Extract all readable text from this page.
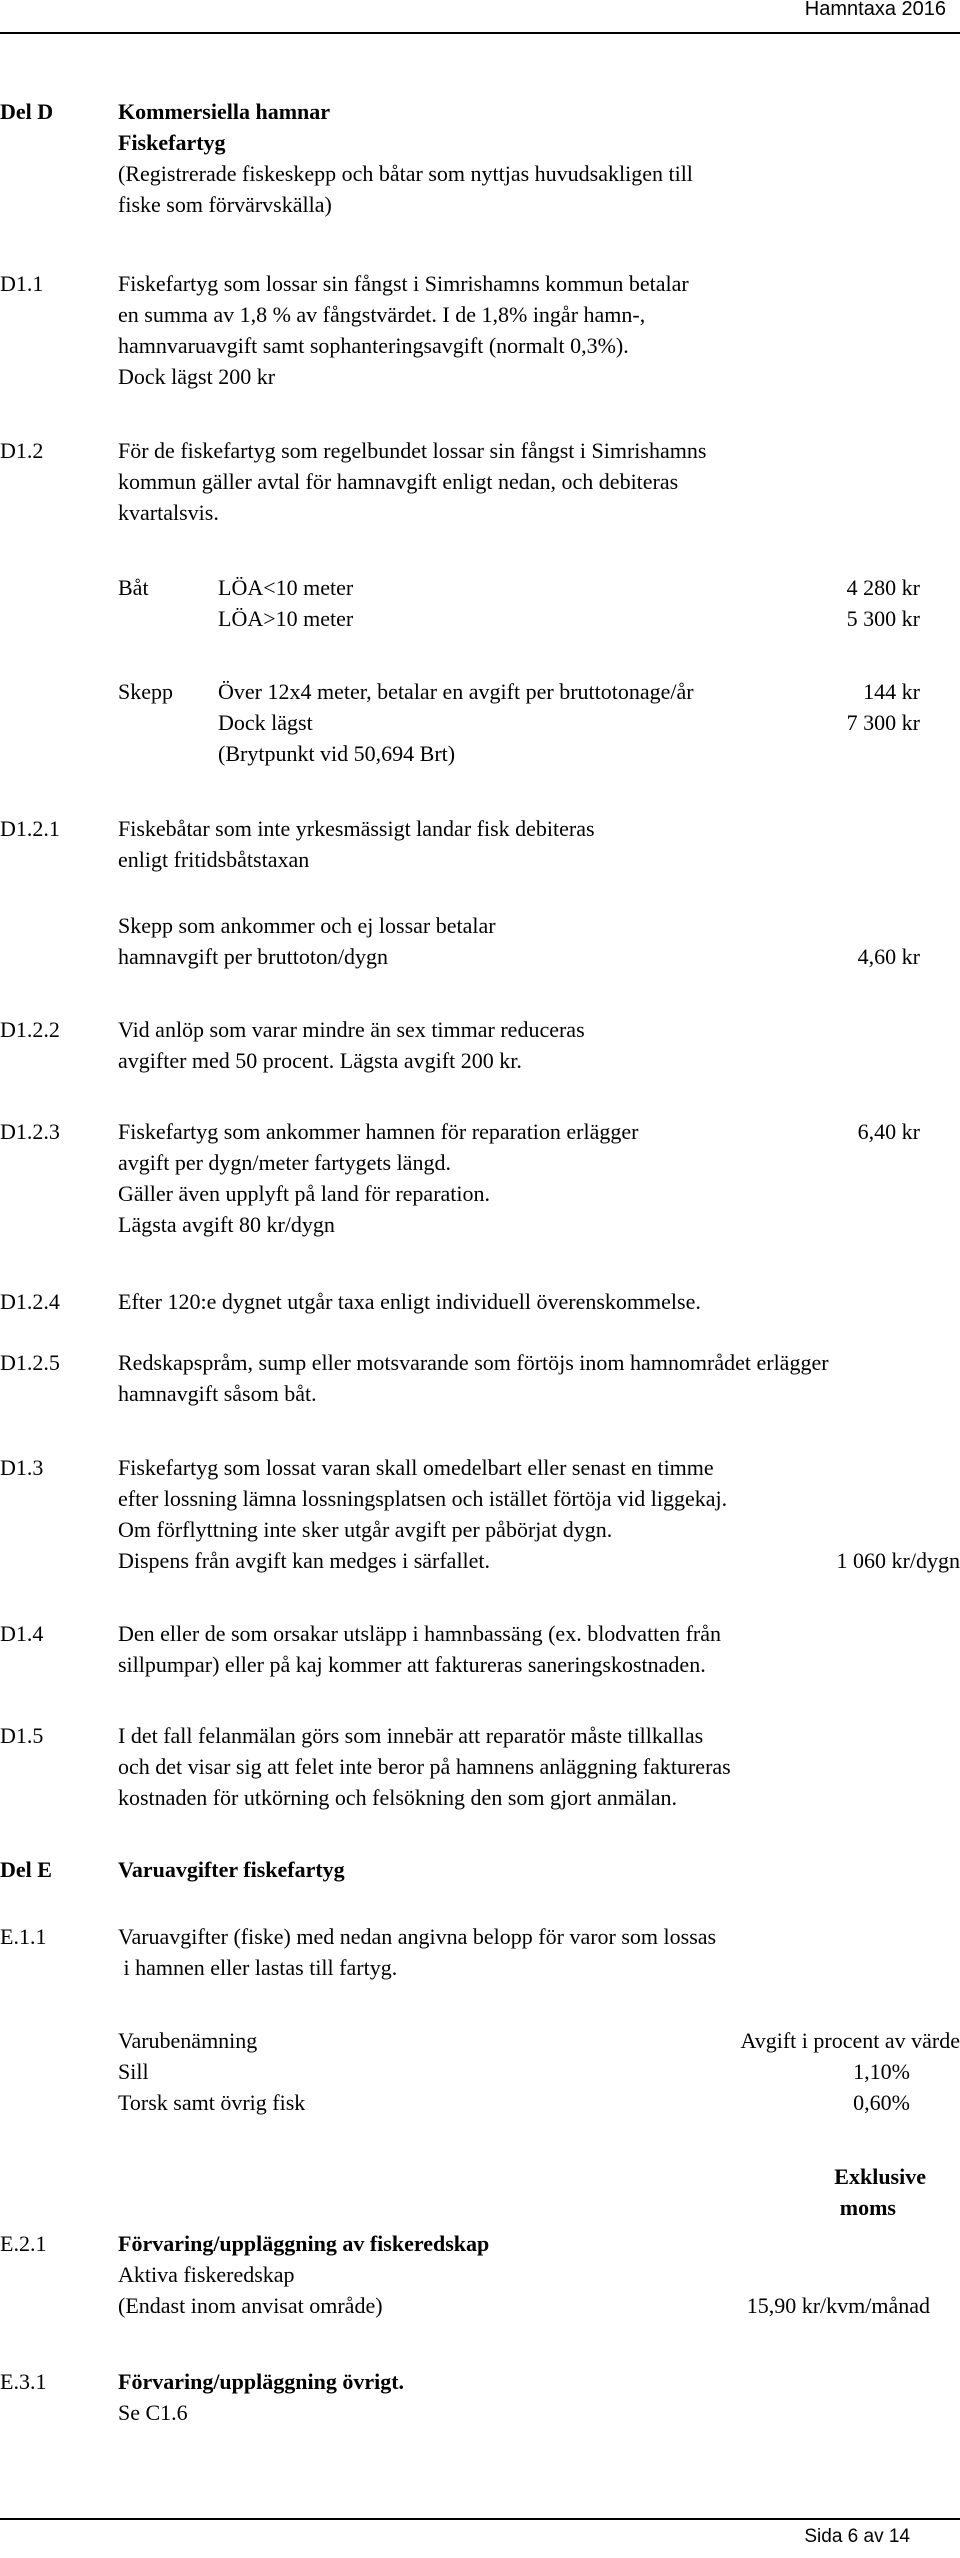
Hamntaxa 2016
Del D	Kommersiella hamnar
Fiskefartyg
(Registrerade fiskeskepp och båtar som nyttjas huvudsakligen till
fiske som förvärvskälla)
D1.1	Fiskefartyg som lossar sin fångst i Simrishamns kommun betalar
en summa av 1,8 % av fångstvärdet. I de 1,8% ingår hamn-,
hamnvaruavgift samt sophanteringsavgift (normalt 0,3%).
Dock lägst 200 kr
D1.2	För de fiskefartyg som regelbundet lossar sin fångst i Simrishamns
kommun gäller avtal för hamnavgift enligt nedan, och debiteras
kvartalsvis.
Båt	LÖA<10 meter	4 280 kr
LÖA>10 meter	5 300 kr
Skepp Över 12x4 meter, betalar en avgift per bruttotonage/år	144 kr
Dock lägst	7 300 kr
(Brytpunkt vid 50,694 Brt)
D1.2.1	Fiskebåtar som inte yrkesmässigt landar fisk debiteras
enligt fritidsbåtstaxan
Skepp som ankommer och ej lossar betalar
hamnavgift per bruttoton/dygn	4,60 kr
D1.2.2	Vid anlöp som varar mindre än sex timmar reduceras
avgifter med 50 procent. Lägsta avgift 200 kr.
D1.2.3	Fiskefartyg som ankommer hamnen för reparation erlägger	6,40 kr
avgift per dygn/meter fartygets längd.
Gäller även upplyft på land för reparation.
Lägsta avgift 80 kr/dygn
D1.2.4	Efter 120:e dygnet utgår taxa enligt individuell överenskommelse.
D1.2.5	Redskapspråm, sump eller motsvarande som förtöjs inom hamnområdet erlägger
hamnavgift såsom båt.
D1.3	Fiskefartyg som lossat varan skall omedelbart eller senast en timme
efter lossning lämna lossningsplatsen och istället förtöja vid liggekaj.
Om förflyttning inte sker utgår avgift per påbörjat dygn.
Dispens från avgift kan medges i särfallet.	1 060 kr/dygn
D1.4	Den eller de som orsakar utsläpp i hamnbassäng (ex. blodvatten från
sillpumpar) eller på kaj kommer att faktureras saneringskostnaden.
D1.5	I det fall felanmälan görs som innebär att reparatör måste tillkallas
och det visar sig att felet inte beror på hamnens anläggning faktureras
kostnaden för utkörning och felsökning den som gjort anmälan.
Del E	Varuavgifter fiskefartyg
E.1.1	Varuavgifter (fiske) med nedan angivna belopp för varor som lossas
i hamnen eller lastas till fartyg.
Varubenämning	Avgift i procent av värde
Sill	1,10%
Torsk samt övrig fisk	0,60%
Exklusive
moms
E.2.1	Förvaring/uppläggning av fiskeredskap
Aktiva fiskeredskap
(Endast inom anvisat område)	15,90 kr/kvm/månad
E.3.1	Förvaring/uppläggning övrigt.
Se C1.6
Sida 6 av 14
